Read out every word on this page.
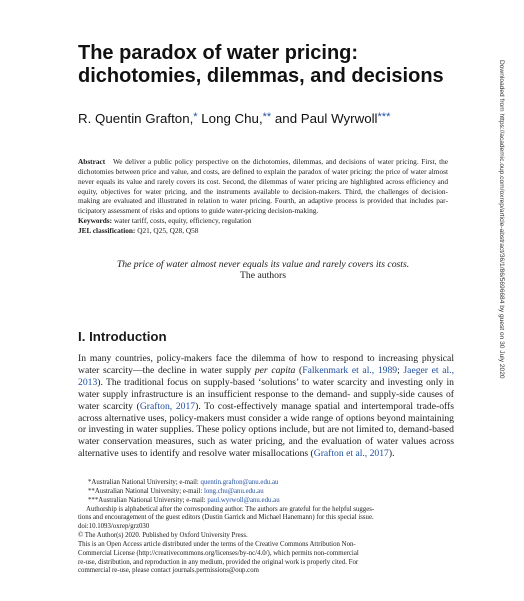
The paradox of water pricing:
dichotomies, dilemmas, and decisions
R. Quentin Grafton,* Long Chu,** and Paul Wyrwoll***

Abstract We deliver a public policy perspective on the dichotomies, dilemmas, and decisions of water pricing. First, the dichotomies between price and value, and costs, are defined to explain the paradox of water pricing: the price of water almost never equals its value and rarely covers its cost. Second, the dilemmas of water pricing are highlighted across efficiency and equity, objectives for water pricing, and the instruments available to decision-makers. Third, the challenges of decision-making are evaluated and illustrated in relation to water pricing. Fourth, an adaptive process is provided that includes participatory assessment of risks and options to guide water-pricing decision-making.

Keywords: water tariff, costs, equity, efficiency, regulation

JEL classification: Q21, Q25, Q28, Q58

The price of water almost never equals its value and rarely covers its costs.
The authors
I. Introduction

In many countries, policy-makers face the dilemma of how to respond to increasing physical water scarcity—the decline in water supply per capita (Falkenmark et al., 1989; Jaeger et al., 2013). The traditional focus on supply-based ‘solutions’ to water scarcity and investing only in water supply infrastructure is an insufficient response to the demand- and supply-side causes of water scarcity (Grafton, 2017). To cost-effectively manage spatial and intertemporal trade-offs across alternative uses, policy-makers must consider a wide range of options beyond maintaining or investing in water supplies. These policy options include, but are not limited to, demand-based water conservation measures, such as water pricing, and the evaluation of water values across alternative uses to identify and resolve water misallocations (Grafton et al., 2017).

*Australian National University; e-mail: quentin.grafton@anu.edu.au
**Australian National University; e-mail: long.chu@anu.edu.au
***Australian National University; e-mail: paul.wyrwoll@anu.edu.au
Authorship is alphabetical after the corresponding author. The authors are grateful for the helpful sugges-
tions and encouragement of the guest editors (Dustin Garrick and Michael Hanemann) for this special issue.
doi:10.1093/oxrep/grz030
© The Author(s) 2020. Published by Oxford University Press.
This is an Open Access article distributed under the terms of the Creative Commons Attribution Non-
Commercial License (http://creativecommons.org/licenses/by-nc/4.0/), which permits non-commercial
re-use, distribution, and reproduction in any medium, provided the original work is properly cited. For
commercial re-use, please contact journals.permissions@oup.com
Downloaded from https://academic.oup.com/oxrep/article-abstract/36/1/86/5696684 by guest on 30 July 2020
